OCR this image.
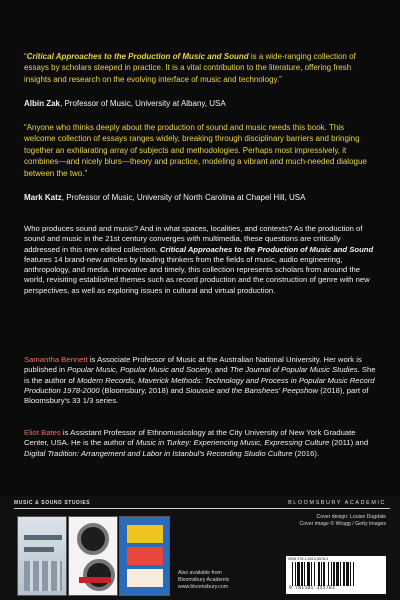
“Critical Approaches to the Production of Music and Sound is a wide-ranging collection of essays by scholars steeped in practice. It is a vital contribution to the literature, offering fresh insights and research on the evolving interface of music and technology.”

Albin Zak, Professor of Music, University at Albany, USA

“Anyone who thinks deeply about the production of sound and music needs this book. This welcome collection of essays ranges widely, breaking through disciplinary barriers and bringing together an exhilarating array of subjects and methodologies. Perhaps most impressively, it combines—and nicely blurs—theory and practice, modeling a vibrant and much-needed dialogue between the two.”

Mark Katz, Professor of Music, University of North Carolina at Chapel Hill, USA

Who produces sound and music? And in what spaces, localities, and contexts? As the production of sound and music in the 21st century converges with multimedia, these questions are critically addressed in this new edited collection. Critical Approaches to the Production of Music and Sound features 14 brand-new articles by leading thinkers from the fields of music, audio engineering, anthropology, and media. Innovative and timely, this collection represents scholars from around the world, revisiting established themes such as record production and the construction of genre with new perspectives, as well as exploring issues in cultural and virtual production.

Samantha Bennett is Associate Professor of Music at the Australian National University. Her work is published in Popular Music, Popular Music and Society, and The Journal of Popular Music Studies. She is the author of Modern Records, Maverick Methods: Technology and Process in Popular Music Record Production 1978-2000 (Bloomsbury, 2018) and Siouxsie and the Banshees' Peepshow (2018), part of Bloomsbury's 33 1/3 series.

Eliot Bates is Assistant Professor of Ethnomusicology at the City University of New York Graduate Center, USA. He is the author of Music in Turkey: Experiencing Music, Expressing Culture (2011) and Digital Tradition: Arrangement and Labor in Istanbul's Recording Studio Culture (2016).

MUSIC & SOUND STUDIES	BLOOMSBURY ACADEMIC
Also available from
Bloomsbury Academic
www.bloomsbury.com
Cover design: Louise Dugdale
Cover image © Wragg / Getty Images
ISBN 978-1-5013-5578-3
9 781501 355783
